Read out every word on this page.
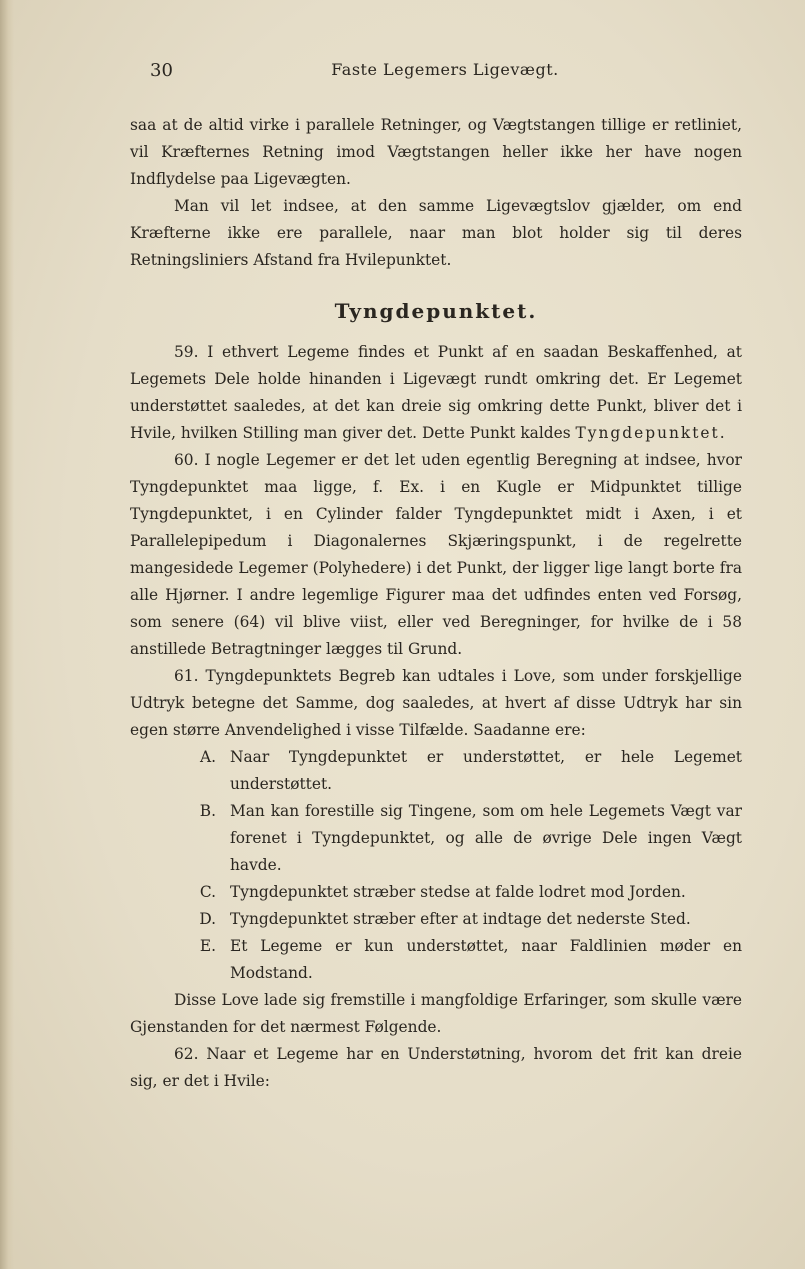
30	Faste Legemers Ligevægt.

saa at de altid virke i parallele Retninger, og Vægtstangen tillige er retliniet, vil Kræfternes Retning imod Vægtstangen heller ikke her have nogen Indflydelse paa Ligevægten.

Man vil let indsee, at den samme Ligevægtslov gjælder, om end Kræfterne ikke ere parallele, naar man blot holder sig til deres Retningsliniers Afstand fra Hvilepunktet.

Tyngdepunktet.

59. I ethvert Legeme findes et Punkt af en saadan Beskaffenhed, at Legemets Dele holde hinanden i Ligevægt rundt omkring det. Er Legemet understøttet saaledes, at det kan dreie sig omkring dette Punkt, bliver det i Hvile, hvilken Stilling man giver det. Dette Punkt kaldes Tyngdepunktet.

60. I nogle Legemer er det let uden egentlig Beregning at indsee, hvor Tyngdepunktet maa ligge, f. Ex. i en Kugle er Midpunktet tillige Tyngdepunktet, i en Cylinder falder Tyngdepunktet midt i Axen, i et Parallelepipedum i Diagonalernes Skjæringspunkt, i de regelrette mangesidede Legemer (Polyhedere) i det Punkt, der ligger lige langt borte fra alle Hjørner. I andre legemlige Figurer maa det udfindes enten ved Forsøg, som senere (64) vil blive viist, eller ved Beregninger, for hvilke de i 58 anstillede Betragtninger lægges til Grund.

61. Tyngdepunktets Begreb kan udtales i Love, som under forskjellige Udtryk betegne det Samme, dog saaledes, at hvert af disse Udtryk har sin egen større Anvendelighed i visse Tilfælde. Saadanne ere:

A. Naar Tyngdepunktet er understøttet, er hele Legemet understøttet.
B. Man kan forestille sig Tingene, som om hele Legemets Vægt var forenet i Tyngdepunktet, og alle de øvrige Dele ingen Vægt havde.
C. Tyngdepunktet stræber stedse at falde lodret mod Jorden.
D. Tyngdepunktet stræber efter at indtage det nederste Sted.
E. Et Legeme er kun understøttet, naar Faldlinien møder en Modstand.

Disse Love lade sig fremstille i mangfoldige Erfaringer, som skulle være Gjenstanden for det nærmest Følgende.

62. Naar et Legeme har en Understøtning, hvorom det frit kan dreie sig, er det i Hvile:
